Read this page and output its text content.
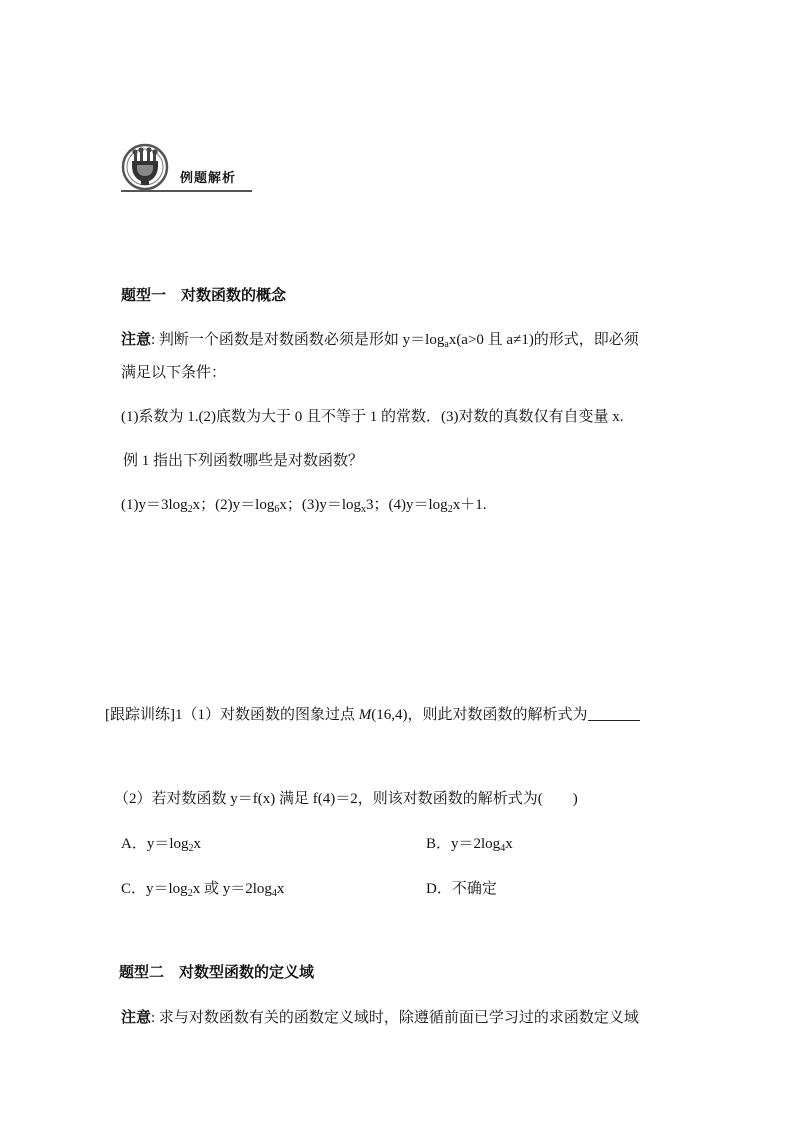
例题解析
题型一　对数函数的概念
注意: 判断一个函数是对数函数必须是形如 $y=\log_ax(a>0$ 且 a≠1)的形式，即必须
满足以下条件：
(1)系数为 1.(2)底数为大于 0 且不等于 1 的常数．(3)对数的真数仅有自变量 x.
例 1 指出下列函数哪些是对数函数？
$(1)y=3\log_2x$；$(2)y=\log_6x$；$(3)y=\log_x3$；$(4)y=\log_2x+1$.
[跟踪训练]1（1）对数函数的图象过点 M(16,4)，则此对数函数的解析式为
（2）若对数函数 y＝f(x) 满足 f(4)＝2，则该对数函数的解析式为( )
A．$y=\log_2x$	B．$y=2\log_4x$
C．$y=\log_2x$ 或 $y=2\log_4x$	D．不确定
题型二　对数型函数的定义域
注意: 求与对数函数有关的函数定义域时，除遵循前面已学习过的求函数定义域
